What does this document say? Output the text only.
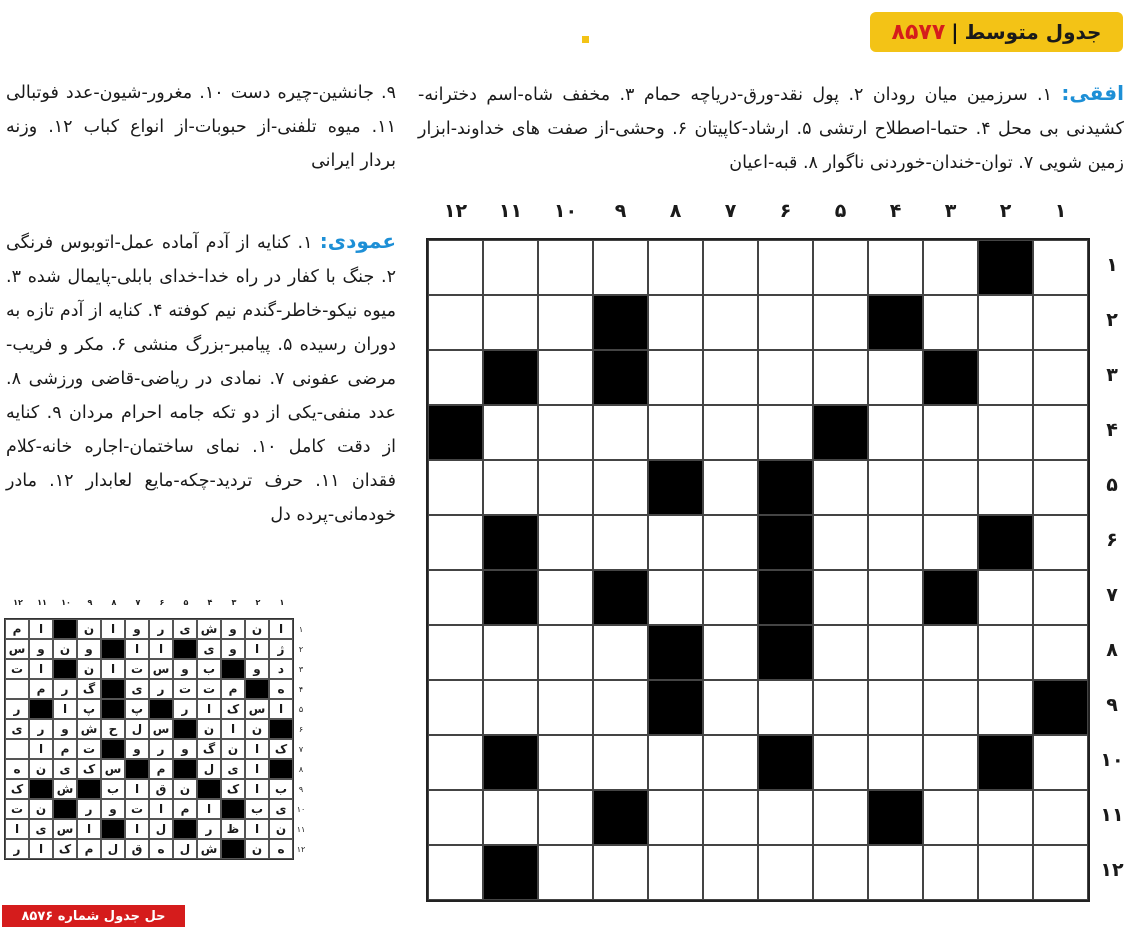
جدول متوسط
|
۸۵۷۷
افقی: ۱. سرزمین میان رودان ۲. پول نقد-ورق-دریاچه حمام ۳. مخفف شاه-اسم دخترانه-کشیدنی بی محل ۴. حتما-اصطلاح ارتشی ۵. ارشاد-کاپیتان ۶. وحشی-از صفت های خداوند-ابزار زمین شویی ۷. توان-خندان-خوردنی ناگوار ۸. قبه-اعیان
۹. جانشین-چیره دست ۱۰. مغرور-شیون-عدد فوتبالی ۱۱. میوه تلفنی-از حبوبات-از انواع کباب ۱۲. وزنه بردار ایرانی
عمودی: ۱. کنایه از آدم آماده عمل-اتوبوس فرنگی ۲. جنگ با کفار در راه خدا-خدای بابلی-پایمال شده ۳. میوه نیکو-خاطر-گندم نیم کوفته ۴. کنایه از آدم تازه به دوران رسیده ۵. پیامبر-بزرگ منشی ۶. مکر و فریب-مرضی عفونی ۷. نمادی در ریاضی-قاضی ورزشی ۸. عدد منفی-یکی از دو تکه جامه احرام مردان ۹. کنایه از دقت کامل ۱۰. نمای ساختمان-اجاره خانه-کلام فقدان ۱۱. حرف تردید-چکه-مایع لعابدار ۱۲. مادر خودمانی-پرده دل
۱
۲
۳
۴
۵
۶
۷
۸
۹
۱۰
۱۱
۱۲
۱
۲
۳
۴
۵
۶
۷
۸
۹
۱۰
۱۱
۱۲
۱
۲
۳
۴
۵
۶
۷
۸
۹
۱۰
۱۱
۱۲
۱
۲
۳
۴
۵
۶
۷
۸
۹
۱۰
۱۱
۱۲
ا
ن
و
ش
ی
ر
و
ا
ن
ا
م
ژ
ا
و
ی
ا
ا
و
ن
و
س
د
و
ب
و
س
ت
ا
ن
ا
ت
ه
م
ت
ت
ر
ی
گ
ر
م
ا
س
ک
ا
ر
پ
پ
ا
ر
ن
ا
ن
س
ل
ح
ش
و
ر
ی
ک
ا
ن
گ
و
ر
و
ت
م
ا
ا
ی
ل
م
س
ک
ی
ن
ه
ب
ا
ک
ن
ق
ا
ب
ش
ک
ی
ب
ا
م
ا
ت
و
ر
ن
ت
ن
ا
ظ
ر
ل
ا
ا
س
ی
ا
ه
ن
ش
ل
ه
ق
ل
م
ک
ا
ر
حل جدول شماره ۸۵۷۶
